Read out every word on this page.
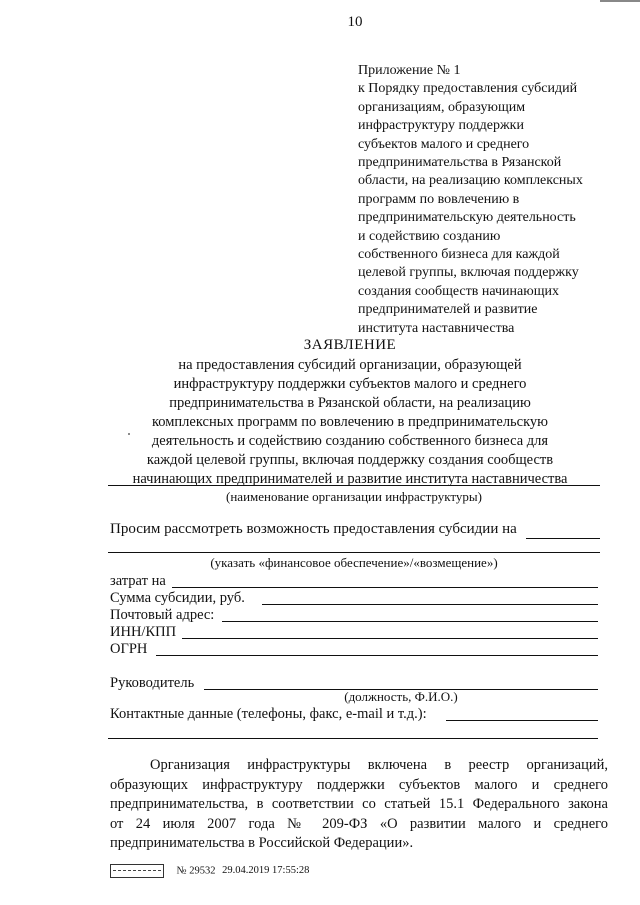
10
Приложение № 1
к Порядку предоставления субсидий
организациям, образующим
инфраструктуру поддержки
субъектов малого и среднего
предпринимательства в Рязанской
области, на реализацию комплексных
программ по вовлечению в
предпринимательскую деятельность
и содействию созданию
собственного бизнеса для каждой
целевой группы, включая поддержку
создания сообществ начинающих
предпринимателей и развитие
института наставничества
ЗАЯВЛЕНИЕ
на предоставления субсидий организации, образующей
инфраструктуру поддержки субъектов малого и среднего
предпринимательства в Рязанской области, на реализацию
комплексных программ по вовлечению в предпринимательскую
деятельность и содействию созданию собственного бизнеса для
каждой целевой группы, включая поддержку создания сообществ
начинающих предпринимателей и развитие института наставничества
(наименование организации инфраструктуры)
Просим рассмотреть возможность предоставления субсидии на
(указать «финансовое обеспечение»/«возмещение»)
затрат на
Сумма субсидии, руб.
Почтовый адрес:
ИНН/КПП
ОГРН
Руководитель
(должность, Ф.И.О.)
Контактные данные (телефоны, факс, e-mail и т.д.):
Организация инфраструктуры включена в реестр организаций,
образующих инфраструктуру поддержки субъектов малого и среднего
предпринимательства, в соответствии со статьей 15.1 Федерального закона
от 24 июля 2007 года № 209-ФЗ «О развитии малого и среднего
предпринимательства в Российской Федерации».
№ 29532 29.04.2019 17:55:28
